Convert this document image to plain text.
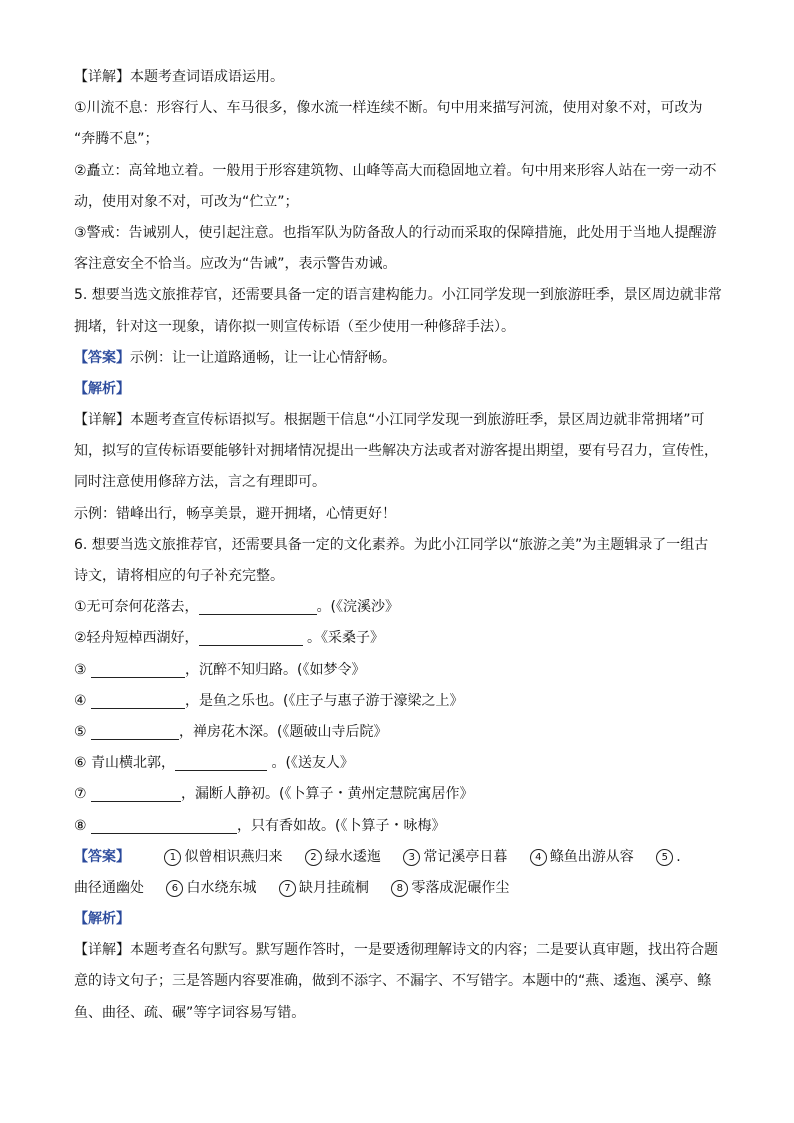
【详解】本题考查词语成语运用。
①川流不息：形容行人、车马很多，像水流一样连续不断。句中用来描写河流，使用对象不对，可改为
“奔腾不息”；
②矗立：高耸地立着。一般用于形容建筑物、山峰等高大而稳固地立着。句中用来形容人站在一旁一动不
动，使用对象不对，可改为“伫立”；
③警戒：告诫别人，使引起注意。也指军队为防备敌人的行动而采取的保障措施，此处用于当地人提醒游
客注意安全不恰当。应改为“告诫”，表示警告劝诫。
5. 想要当选文旅推荐官，还需要具备一定的语言建构能力。小江同学发现一到旅游旺季，景区周边就非常
拥堵，针对这一现象，请你拟一则宣传标语（至少使用一种修辞手法）。
【答案】示例：让一让道路通畅，让一让心情舒畅。
【解析】
【详解】本题考查宣传标语拟写。根据题干信息“小江同学发现一到旅游旺季，景区周边就非常拥堵”可
知，拟写的宣传标语要能够针对拥堵情况提出一些解决方法或者对游客提出期望，要有号召力，宣传性，
同时注意使用修辞方法，言之有理即可。
示例：错峰出行，畅享美景，避开拥堵，心情更好！
6. 想要当选文旅推荐官，还需要具备一定的文化素养。为此小江同学以“旅游之美”为主题辑录了一组古
诗文，请将相应的句子补充完整。
①无可奈何花落去，	。(《浣溪沙》
②轻舟短棹西湖好，	。《采桑子》
③	，沉醉不知归路。(《如梦令》
④	，是鱼之乐也。(《庄子与惠子游于濠梁之上》
⑤	，禅房花木深。(《题破山寺后院》
⑥ 青山横北郭，	。(《送友人》
⑦	，漏断人静初。(《卜算子・黄州定慧院寓居作》
⑧	，只有香如故。(《卜算子・咏梅》
【答案】	1 似曾相识燕归来	2 绿水逶迤	3 常记溪亭日暮	4 鲦鱼出游从容	5 .
曲径通幽处	6 白水绕东城	7 缺月挂疏桐	8 零落成泥碾作尘
【解析】
【详解】本题考查名句默写。默写题作答时，一是要透彻理解诗文的内容；二是要认真审题，找出符合题
意的诗文句子；三是答题内容要准确，做到不添字、不漏字、不写错字。本题中的“燕、逶迤、溪亭、鲦
鱼、曲径、疏、碾”等字词容易写错。
